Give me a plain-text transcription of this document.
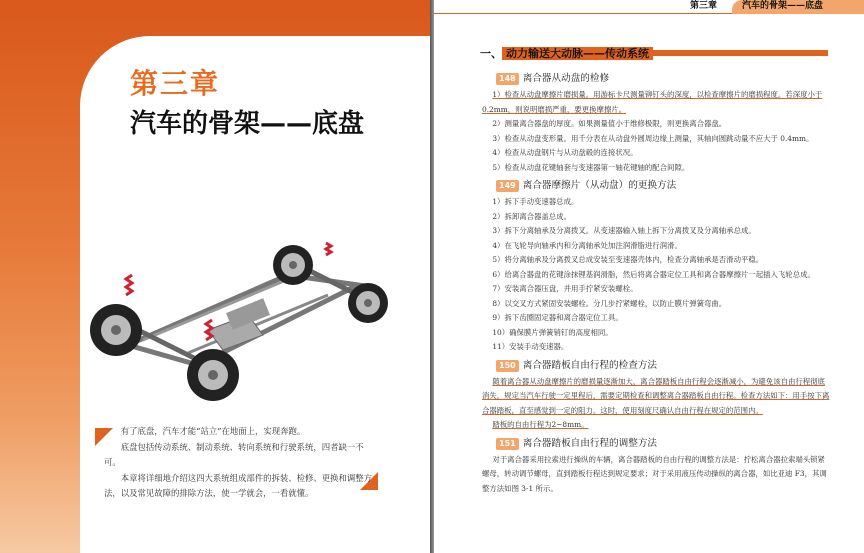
第三章
汽车的骨架——底盘

有了底盘，汽车才能“站立”在地面上，实现奔跑。

底盘包括传动系统、制动系统、转向系统和行驶系统，四者缺一不可。

本章将详细地介绍这四大系统组成部件的拆装、检修、更换和调整方法，以及常见故障的排除方法，使一学就会，一看就懂。

第三章	汽车的骨架——底盘
一、 动力输送大动脉——传动系统
148 离合器从动盘的检修
1）检查从动盘摩擦片磨损量。用游标卡尺测量铆钉头的深度，以检查摩擦片的磨损程度。若深度小于 0.2mm，则说明磨损严重，要更换摩擦片。
2）测量离合器盘的厚度。如果测量值小于维修极限，则更换离合器盘。
3）检查从动盘变形量。用千分表在从动盘外圆周边缘上测量，其轴向圆跳动量不应大于 0.4mm。
4）检查从动盘钢片与从动盘毂的连接状况。
5）检查从动盘花键轴套与变速器第一轴花键轴的配合间隙。
149 离合器摩擦片（从动盘）的更换方法
1）拆下手动变速器总成。
2）拆卸离合器盖总成。
3）拆下分离轴承及分离拨叉。从变速器输入轴上拆下分离拨叉及分离轴承总成。
4）在飞轮导向轴承内和分离轴承处加注润滑脂进行润滑。
5）将分离轴承及分离拨叉总成安装至变速器壳体内，检查分离轴承是否滑动平稳。
6）给离合器盘的花键涂抹锂基润滑脂，然后将离合器定位工具和离合器摩擦片一起插入飞轮总成。
7）安装离合器压盘，并用手拧紧安装螺栓。
8）以交叉方式紧固安装螺栓。分几步拧紧螺栓，以防止膜片弹簧弯曲。
9）拆下齿圈固定器和离合器定位工具。
10）确保膜片弹簧销钉的高度相同。
11）安装手动变速器。
150 离合器踏板自由行程的检查方法
随着离合器从动盘摩擦片的磨损量逐渐加大，离合器踏板自由行程会逐渐减小，为避免该自由行程彻底消失，规定当汽车行驶一定里程后，需要定期检查和调整离合器踏板自由行程。检查方法如下：用手按下离合器踏板，直至感觉到一定的阻力。这时，使用刻度尺确认自由行程在规定的范围内。
踏板的自由行程为2~8mm。
151 离合器踏板自由行程的调整方法
对于离合器采用拉索进行操纵的车辆，离合器踏板的自由行程的调整方法是：拧松离合器拉索端头锁紧螺母，转动调节螺母，直到踏板行程达到规定要求；对于采用液压传动操纵的离合器，如比亚迪 F3，其调整方法如图 3-1 所示。
